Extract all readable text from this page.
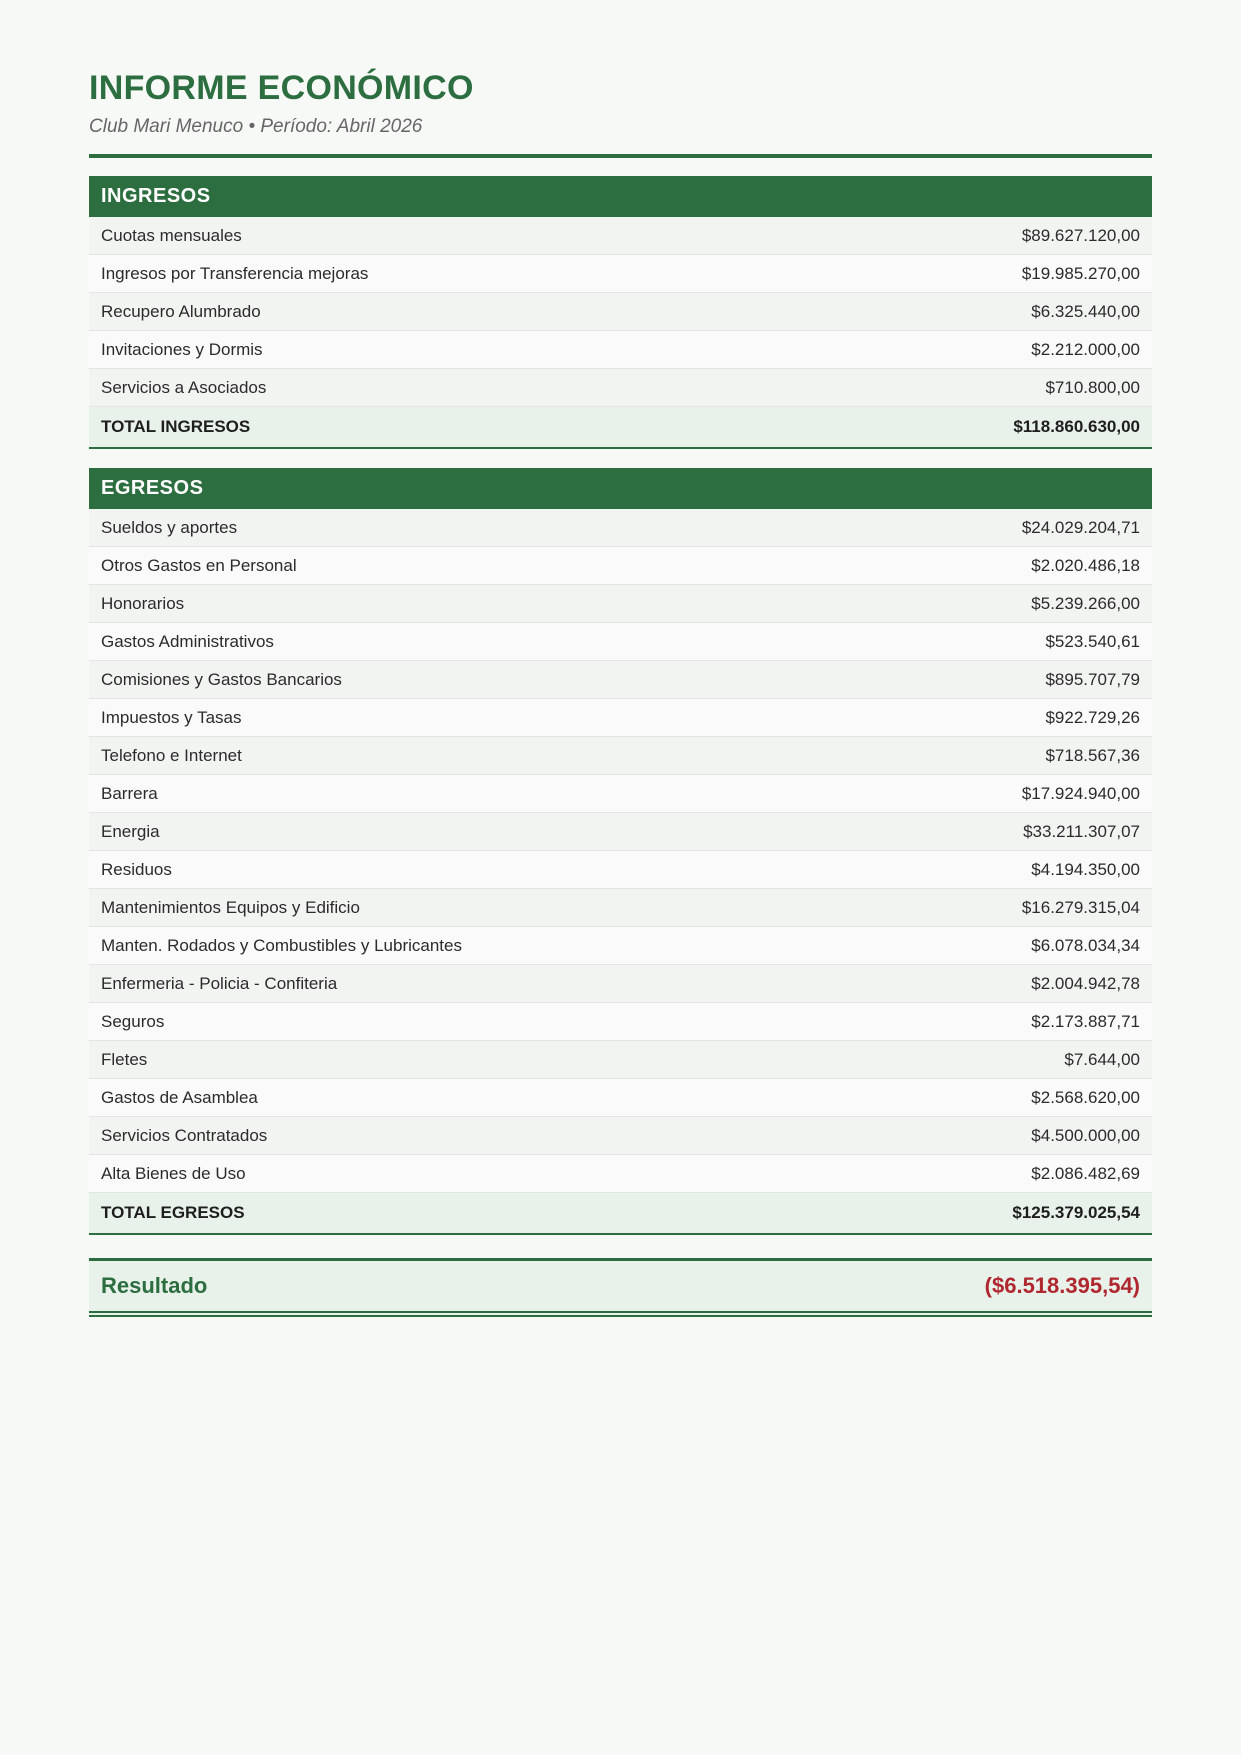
INFORME ECONÓMICO
Club Mari Menuco • Período: Abril 2026
INGRESOS
Cuotas mensuales	$89.627.120,00
Ingresos por Transferencia mejoras	$19.985.270,00
Recupero Alumbrado	$6.325.440,00
Invitaciones y Dormis	$2.212.000,00
Servicios a Asociados	$710.800,00
TOTAL INGRESOS	$118.860.630,00
EGRESOS
Sueldos y aportes	$24.029.204,71
Otros Gastos en Personal	$2.020.486,18
Honorarios	$5.239.266,00
Gastos Administrativos	$523.540,61
Comisiones y Gastos Bancarios	$895.707,79
Impuestos y Tasas	$922.729,26
Telefono e Internet	$718.567,36
Barrera	$17.924.940,00
Energia	$33.211.307,07
Residuos	$4.194.350,00
Mantenimientos Equipos y Edificio	$16.279.315,04
Manten. Rodados y Combustibles y Lubricantes	$6.078.034,34
Enfermeria - Policia - Confiteria	$2.004.942,78
Seguros	$2.173.887,71
Fletes	$7.644,00
Gastos de Asamblea	$2.568.620,00
Servicios Contratados	$4.500.000,00
Alta Bienes de Uso	$2.086.482,69
TOTAL EGRESOS	$125.379.025,54
Resultado	($6.518.395,54)
